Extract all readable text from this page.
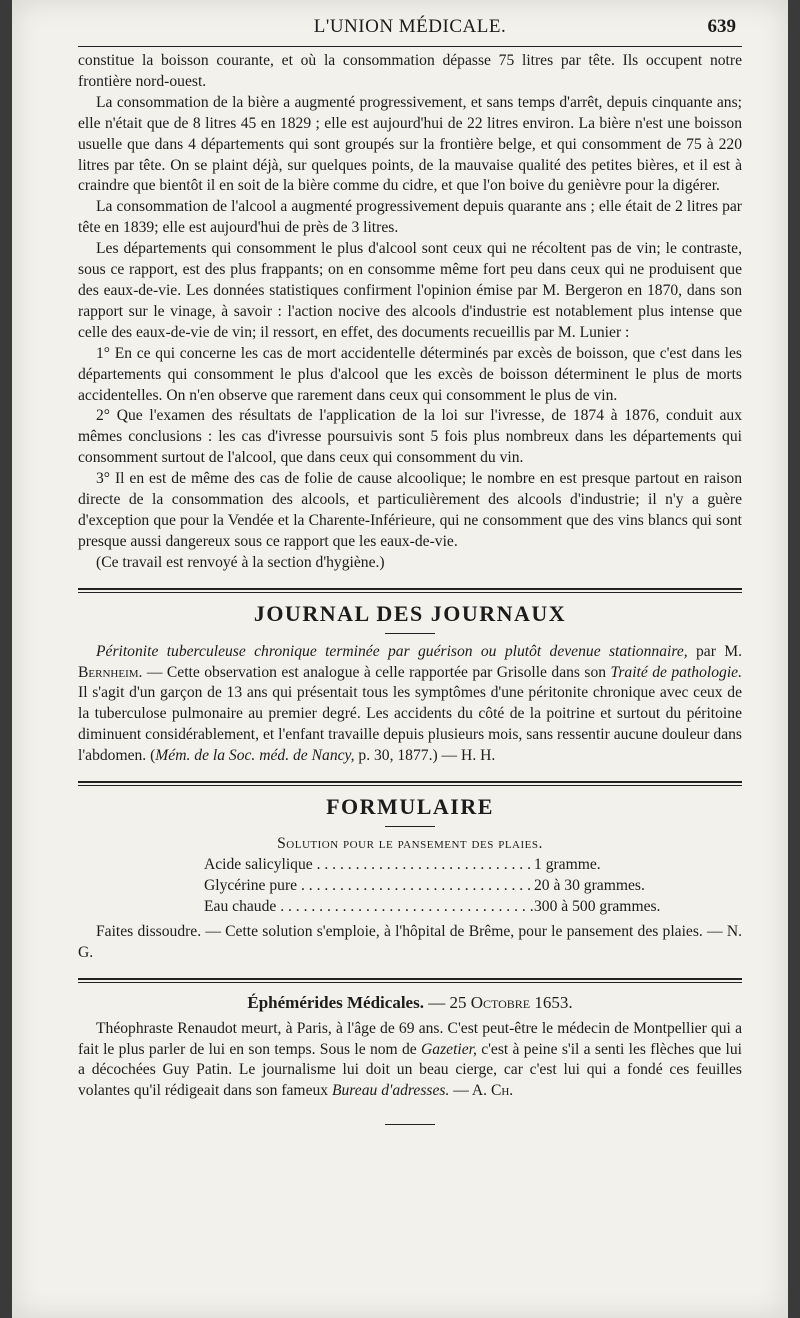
L'UNION MÉDICALE.	639

constitue la boisson courante, et où la consommation dépasse 75 litres par tête. Ils occupent notre frontière nord-ouest.

La consommation de la bière a augmenté progressivement, et sans temps d'arrêt, depuis cinquante ans; elle n'était que de 8 litres 45 en 1829 ; elle est aujourd'hui de 22 litres environ. La bière n'est une boisson usuelle que dans 4 départements qui sont groupés sur la frontière belge, et qui consomment de 75 à 220 litres par tête. On se plaint déjà, sur quelques points, de la mauvaise qualité des petites bières, et il est à craindre que bientôt il en soit de la bière comme du cidre, et que l'on boive du genièvre pour la digérer.

La consommation de l'alcool a augmenté progressivement depuis quarante ans ; elle était de 2 litres par tête en 1839; elle est aujourd'hui de près de 3 litres.

Les départements qui consomment le plus d'alcool sont ceux qui ne récoltent pas de vin; le contraste, sous ce rapport, est des plus frappants; on en consomme même fort peu dans ceux qui ne produisent que des eaux-de-vie. Les données statistiques confirment l'opinion émise par M. Bergeron en 1870, dans son rapport sur le vinage, à savoir : l'action nocive des alcools d'industrie est notablement plus intense que celle des eaux-de-vie de vin; il ressort, en effet, des documents recueillis par M. Lunier :

1° En ce qui concerne les cas de mort accidentelle déterminés par excès de boisson, que c'est dans les départements qui consomment le plus d'alcool que les excès de boisson déterminent le plus de morts accidentelles. On n'en observe que rarement dans ceux qui consomment le plus de vin.

2° Que l'examen des résultats de l'application de la loi sur l'ivresse, de 1874 à 1876, conduit aux mêmes conclusions : les cas d'ivresse poursuivis sont 5 fois plus nombreux dans les départements qui consomment surtout de l'alcool, que dans ceux qui consomment du vin.

3° Il en est de même des cas de folie de cause alcoolique; le nombre en est presque partout en raison directe de la consommation des alcools, et particulièrement des alcools d'industrie; il n'y a guère d'exception que pour la Vendée et la Charente-Inférieure, qui ne consomment que des vins blancs qui sont presque aussi dangereux sous ce rapport que les eaux-de-vie.

(Ce travail est renvoyé à la section d'hygiène.)

JOURNAL DES JOURNAUX

Péritonite tuberculeuse chronique terminée par guérison ou plutôt devenue stationnaire, par M. Bernheim. — Cette observation est analogue à celle rapportée par Grisolle dans son Traité de pathologie. Il s'agit d'un garçon de 13 ans qui présentait tous les symptômes d'une péritonite chronique avec ceux de la tuberculose pulmonaire au premier degré. Les accidents du côté de la poitrine et surtout du péritoine diminuent considérablement, et l'enfant travaille depuis plusieurs mois, sans ressentir aucune douleur dans l'abdomen. (Mém. de la Soc. méd. de Nancy, p. 30, 1877.) — H. H.

FORMULAIRE
Solution pour le pansement des plaies.
Acide salicylique . . .	1 gramme.
Glycérine pure . . .	20 à 30 grammes.
Eau chaude . . .	300 à 500 grammes.

Faites dissoudre. — Cette solution s'emploie, à l'hôpital de Brême, pour le pansement des plaies. — N. G.

Éphémérides Médicales. — 25 Octobre 1653.

Théophraste Renaudot meurt, à Paris, à l'âge de 69 ans. C'est peut-être le médecin de Montpellier qui a fait le plus parler de lui en son temps. Sous le nom de Gazetier, c'est à peine s'il a senti les flèches que lui a décochées Guy Patin. Le journalisme lui doit un beau cierge, car c'est lui qui a fondé ces feuilles volantes qu'il rédigeait dans son fameux Bureau d'adresses. — A. Ch.
